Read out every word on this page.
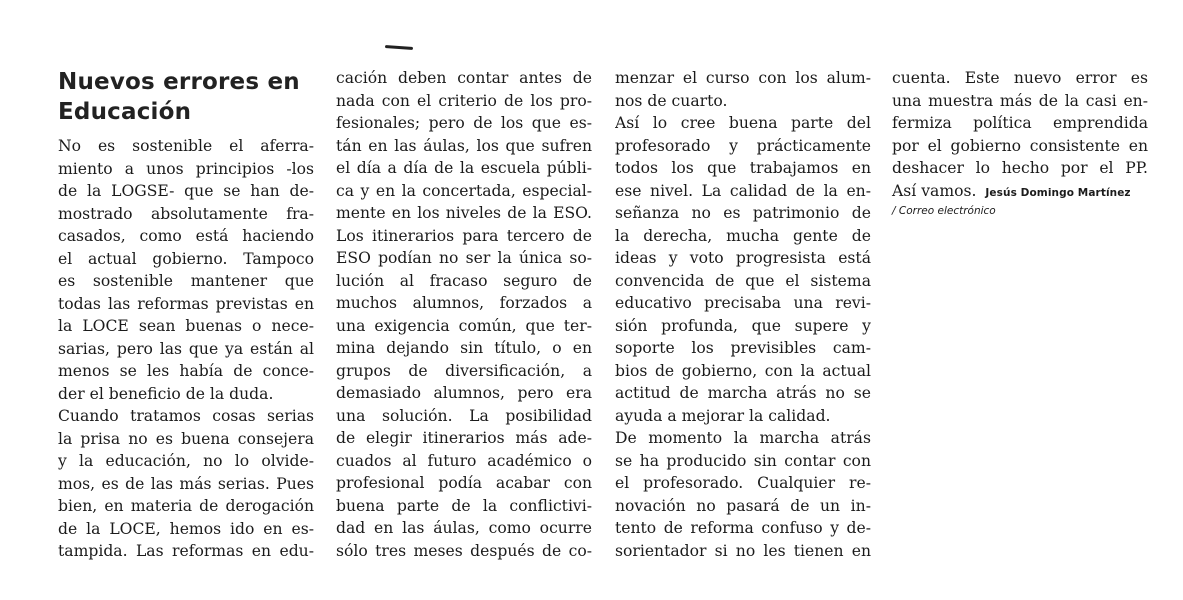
Nuevos errores en
Educación
No es sostenible el aferra-
miento a unos principios -los
de la LOGSE- que se han de-
mostrado absolutamente fra-
casados, como está haciendo
el actual gobierno. Tampoco
es sostenible mantener que
todas las reformas previstas en
la LOCE sean buenas o nece-
sarias, pero las que ya están al
menos se les había de conce-
der el beneficio de la duda.
Cuando tratamos cosas serias
la prisa no es buena consejera
y la educación, no lo olvide-
mos, es de las más serias. Pues
bien, en materia de derogación
de la LOCE, hemos ido en es-
tampida. Las reformas en edu-
cación deben contar antes de
nada con el criterio de los pro-
fesionales; pero de los que es-
tán en las áulas, los que sufren
el día a día de la escuela públi-
ca y en la concertada, especial-
mente en los niveles de la ESO.
Los itinerarios para tercero de
ESO podían no ser la única so-
lución al fracaso seguro de
muchos alumnos, forzados a
una exigencia común, que ter-
mina dejando sin título, o en
grupos de diversificación, a
demasiado alumnos, pero era
una solución. La posibilidad
de elegir itinerarios más ade-
cuados al futuro académico o
profesional podía acabar con
buena parte de la conflictivi-
dad en las áulas, como ocurre
sólo tres meses después de co-
menzar el curso con los alum-
nos de cuarto.
Así lo cree buena parte del
profesorado y prácticamente
todos los que trabajamos en
ese nivel. La calidad de la en-
señanza no es patrimonio de
la derecha, mucha gente de
ideas y voto progresista está
convencida de que el sistema
educativo precisaba una revi-
sión profunda, que supere y
soporte los previsibles cam-
bios de gobierno, con la actual
actitud de marcha atrás no se
ayuda a mejorar la calidad.
De momento la marcha atrás
se ha producido sin contar con
el profesorado. Cualquier re-
novación no pasará de un in-
tento de reforma confuso y de-
sorientador si no les tienen en
cuenta. Este nuevo error es
una muestra más de la casi en-
fermiza política emprendida
por el gobierno consistente en
deshacer lo hecho por el PP.
Así vamos. Jesús Domingo Martínez
/ Correo electrónico
